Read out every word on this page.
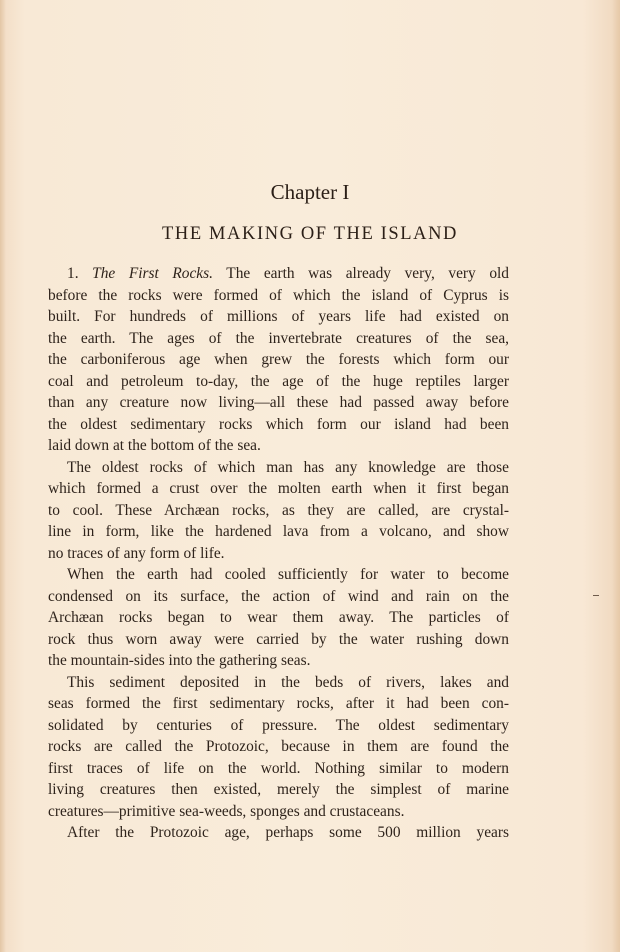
Chapter I
THE MAKING OF THE ISLAND
1. The First Rocks. The earth was already very, very old
before the rocks were formed of which the island of Cyprus is
built. For hundreds of millions of years life had existed on
the earth. The ages of the invertebrate creatures of the sea,
the carboniferous age when grew the forests which form our
coal and petroleum to-day, the age of the huge reptiles larger
than any creature now living—all these had passed away before
the oldest sedimentary rocks which form our island had been
laid down at the bottom of the sea.
The oldest rocks of which man has any knowledge are those
which formed a crust over the molten earth when it first began
to cool. These Archæan rocks, as they are called, are crystal-
line in form, like the hardened lava from a volcano, and show
no traces of any form of life.
When the earth had cooled sufficiently for water to become
condensed on its surface, the action of wind and rain on the
Archæan rocks began to wear them away. The particles of
rock thus worn away were carried by the water rushing down
the mountain-sides into the gathering seas.
This sediment deposited in the beds of rivers, lakes and
seas formed the first sedimentary rocks, after it had been con-
solidated by centuries of pressure. The oldest sedimentary
rocks are called the Protozoic, because in them are found the
first traces of life on the world. Nothing similar to modern
living creatures then existed, merely the simplest of marine
creatures—primitive sea-weeds, sponges and crustaceans.
After the Protozoic age, perhaps some 500 million years
